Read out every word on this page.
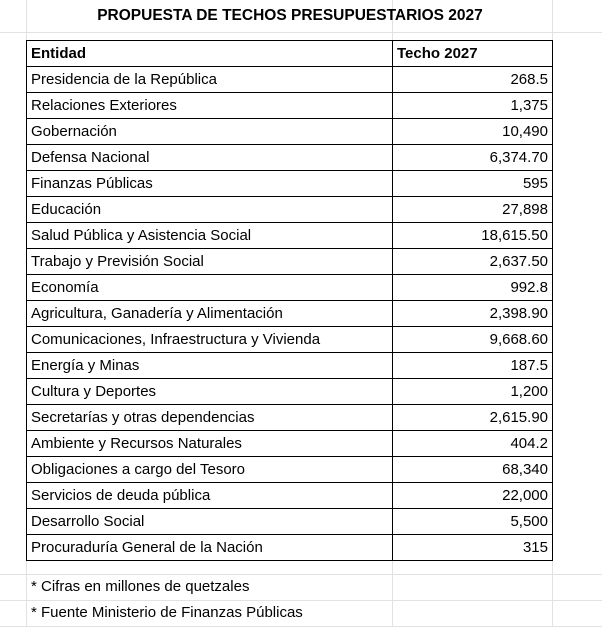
PROPUESTA DE TECHOS PRESUPUESTARIOS 2027
Entidad	Techo 2027
Presidencia de la República	268.5
Relaciones Exteriores	1,375
Gobernación	10,490
Defensa Nacional	6,374.70
Finanzas Públicas	595
Educación	27,898
Salud Pública y Asistencia Social	18,615.50
Trabajo y Previsión Social	2,637.50
Economía	992.8
Agricultura, Ganadería y Alimentación	2,398.90
Comunicaciones, Infraestructura y Vivienda	9,668.60
Energía y Minas	187.5
Cultura y Deportes	1,200
Secretarías y otras dependencias	2,615.90
Ambiente y Recursos Naturales	404.2
Obligaciones a cargo del Tesoro	68,340
Servicios de deuda pública	22,000
Desarrollo Social	5,500
Procuraduría General de la Nación	315
* Cifras en millones de quetzales
* Fuente Ministerio de Finanzas Públicas
